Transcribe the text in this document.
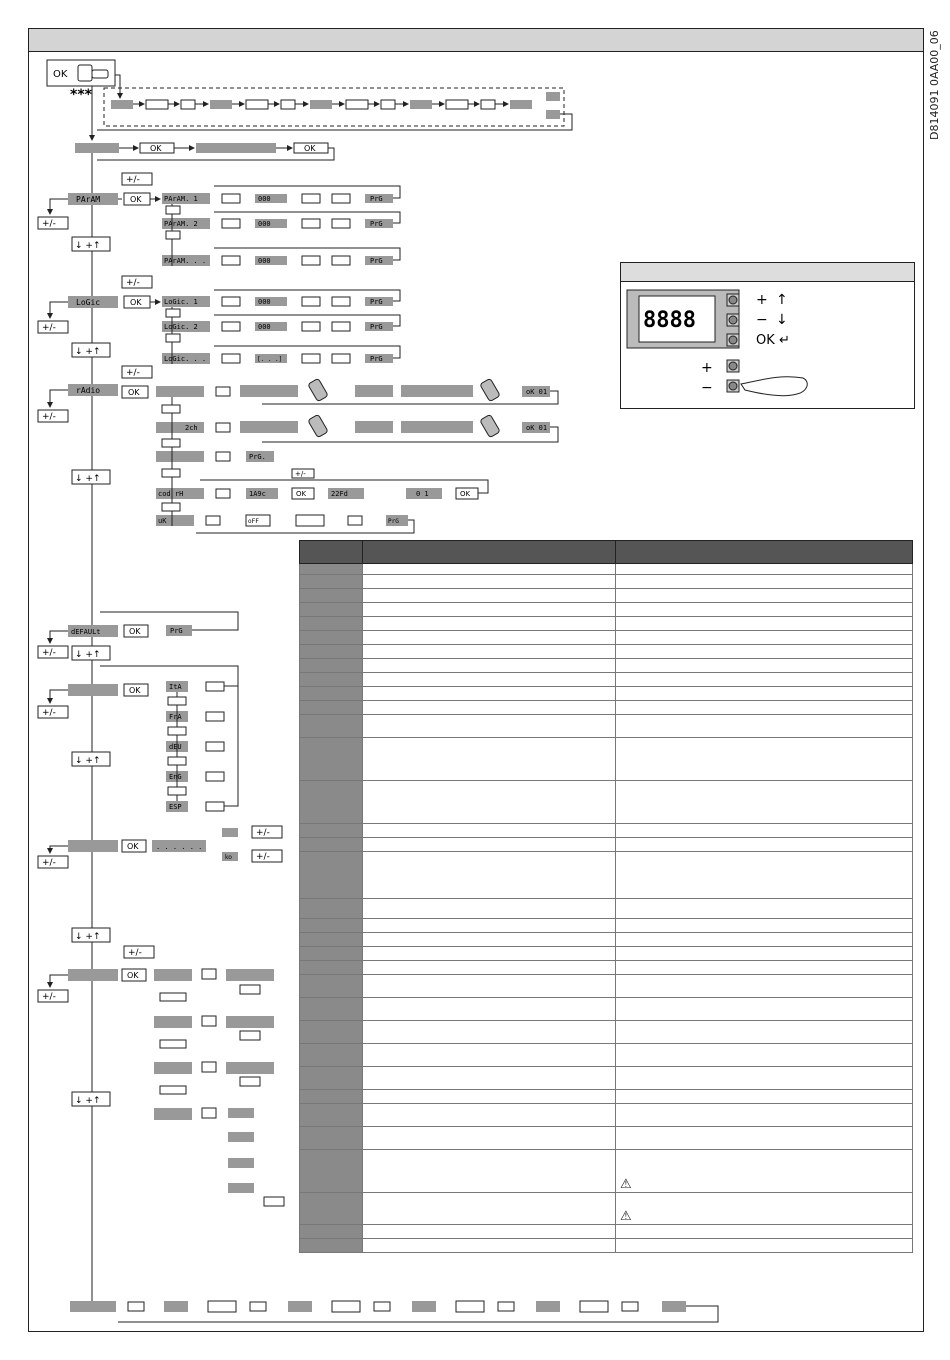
D814091 0AA00_06
OK
***
OK	OK
PArAM
+/-
OK
+/-
↓ +↑
PArAM. 1	000	PrG
PArAM. 2	000	PrG
PArAM. . .	000	PrG
LoGic
+/-
OK
+/-
↓ +↑
LoGic. 1	000	PrG
LoGic. 2	000	PrG
LoGic. . .	[. . .]	PrG
rAdio
+/-
OK
+/-
↓ +↑
oK 01
2ch	oK 01
PrG.
+/-
cod rH	1A9c	OK	22Fd	0 1	OK
uK	oFF	PrG
dEFAULt	OK	PrG
+/- ↓ +↑
OK
+/-
↓ +↑
ItA
FrA
dEU
EnG
ESP
OK . . . . . .
+/-
ko	+/-
+/-
↓ +↑
OK
+/-
+/-
↓ +↑
8888
+ ↑
− ↓
OK ↵
+
−

		⚠
		⚠
